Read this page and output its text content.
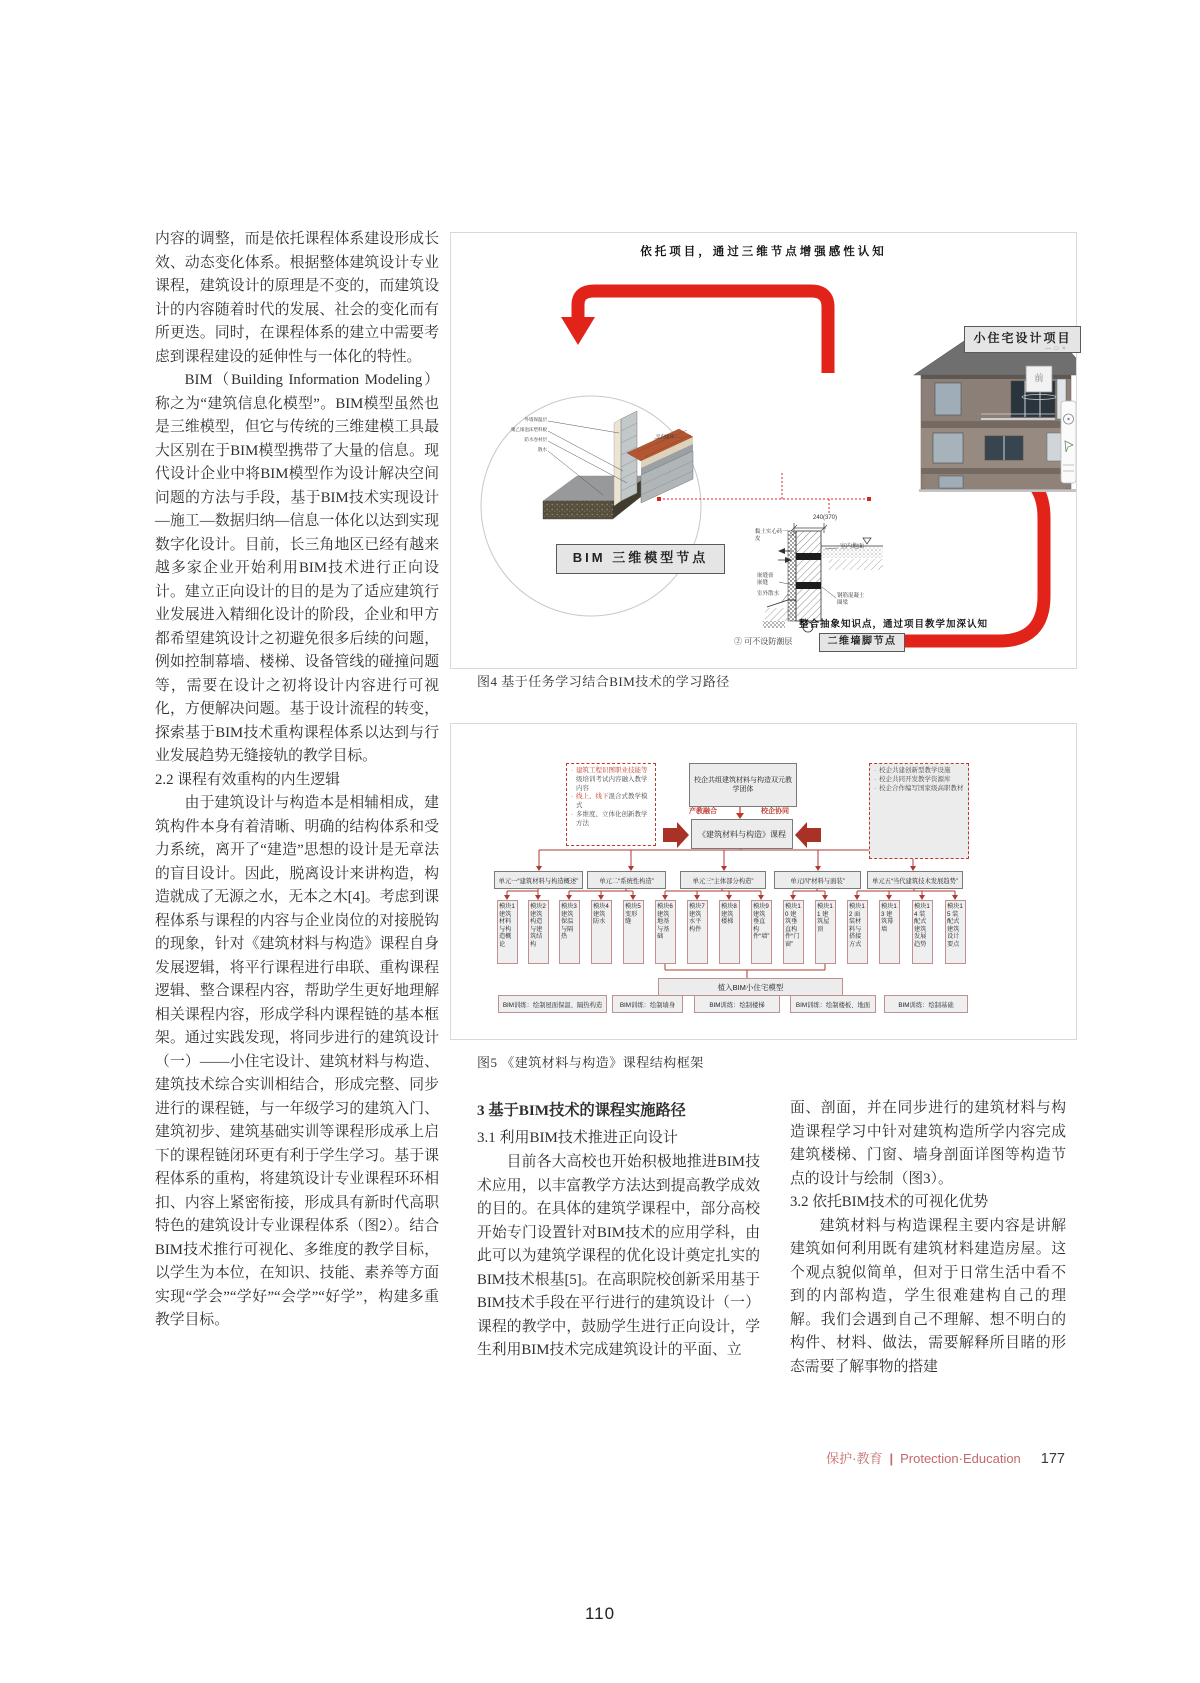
内容的调整，而是依托课程体系建设形成长效、动态变化体系。根据整体建筑设计专业课程，建筑设计的原理是不变的，而建筑设计的内容随着时代的发展、社会的变化而有所更迭。同时，在课程体系的建立中需要考虑到课程建设的延伸性与一体化的特性。

BIM（Building Information Modeling）称之为“建筑信息化模型”。BIM模型虽然也是三维模型，但它与传统的三维建模工具最大区别在于BIM模型携带了大量的信息。现代设计企业中将BIM模型作为设计解决空间问题的方法与手段，基于BIM技术实现设计—施工—数据归纳—信息一体化以达到实现数字化设计。目前，长三角地区已经有越来越多家企业开始利用BIM技术进行正向设计。建立正向设计的目的是为了适应建筑行业发展进入精细化设计的阶段，企业和甲方都希望建筑设计之初避免很多后续的问题，例如控制幕墙、楼梯、设备管线的碰撞问题等，需要在设计之初将设计内容进行可视化，方便解决问题。基于设计流程的转变，探索基于BIM技术重构课程体系以达到与行业发展趋势无缝接轨的教学目标。

2.2 课程有效重构的内生逻辑

由于建筑设计与构造本是相辅相成，建筑构件本身有着清晰、明确的结构体系和受力系统，离开了“建造”思想的设计是无章法的盲目设计。因此，脱离设计来讲构造，构造就成了无源之水，无本之木[4]。考虑到课程体系与课程的内容与企业岗位的对接脱钩的现象，针对《建筑材料与构造》课程自身发展逻辑，将平行课程进行串联、重构课程逻辑、整合课程内容，帮助学生更好地理解相关课程内容，形成学科内课程链的基本框架。通过实践发现，将同步进行的建筑设计（一）——小住宅设计、建筑材料与构造、建筑技术综合实训相结合，形成完整、同步进行的课程链，与一年级学习的建筑入门、建筑初步、建筑基础实训等课程形成承上启下的课程链闭环更有利于学生学习。基于课程体系的重构，将建筑设计专业课程环环相扣、内容上紧密衔接，形成具有新时代高职特色的建筑设计专业课程体系（图2）。结合BIM技术推行可视化、多维度的教学目标，以学生为本位，在知识、技能、素养等方面实现“学会”“学好”“会学”“好学”，构建多重教学目标。

依托项目，通过三维节点增强感性认知
小住宅设计项目
BIM 三维模型节点
整合抽象知识点，通过项目教学加深认知
二维墙脚节点
前
— □ ×
外墙保温层
聚乙烯泡沫塑料板
防水卷材层
散水
室内地坪
240(370)
黏土实心砖一皮
嵌缝膏嵌缝
室外散水
室内地面
钢筋混凝土圈梁
② 可不设防潮层
图4 基于任务学习结合BIM技术的学习路径
· 建筑工程识图职业技能等级培训考试内容融入教学内容
· 线上、线下混合式教学模式
· 多维度、立体化创新教学方法
· 校企共建创新型教学设施
· 校企共同开发教学资源库
· 校企合作编写国家级高职教材
校企共组建筑材料与构造双元教学团体
产教融合	校企协同
《建筑材料与构造》课程
单元一“建筑材料与构造概述”	单元二“系统性构造”	单元三“主体部分构造”	单元四“材料与面装”	单元五“当代建筑技术发展趋势”
模块1 建筑材料与构造概论
模块2 建筑构造与建筑结构
模块3 建筑保温与隔热
模块4 建筑防水
模块5 变形缝
模块6 建筑地基与基础
模块7 建筑水平构件
模块8 建筑楼梯
模块9 建筑垂直构件“墙”
模块10 建筑垂直构件“门窗”
模块11 建筑屋顶
模块12 面装材料与搭接方式
模块13 建筑幕墙
模块14 装配式建筑发展趋势
模块15 装配式建筑设计要点
植入BIM小住宅模型
BIM训练：绘制屋面保温、隔热构造	BIM训练：绘制墙身	BIM训练：绘制楼梯	BIM训练：绘制楼板、地面	BIM训练：绘制基础
图5 《建筑材料与构造》课程结构框架

3 基于BIM技术的课程实施路径

3.1 利用BIM技术推进正向设计

目前各大高校也开始积极地推进BIM技术应用，以丰富教学方法达到提高教学成效的目的。在具体的建筑学课程中，部分高校开始专门设置针对BIM技术的应用学科，由此可以为建筑学课程的优化设计奠定扎实的BIM技术根基[5]。在高职院校创新采用基于BIM技术手段在平行进行的建筑设计（一）课程的教学中，鼓励学生进行正向设计，学生利用BIM技术完成建筑设计的平面、立

面、剖面，并在同步进行的建筑材料与构造课程学习中针对建筑构造所学内容完成建筑楼梯、门窗、墙身剖面详图等构造节点的设计与绘制（图3）。

3.2 依托BIM技术的可视化优势

建筑材料与构造课程主要内容是讲解建筑如何利用既有建筑材料建造房屋。这个观点貌似简单，但对于日常生活中看不到的内部构造，学生很难建构自己的理解。我们会遇到自己不理解、想不明白的构件、材料、做法，需要解释所目睹的形态需要了解事物的搭建

保护·教育 | Protection·Education 177
110
